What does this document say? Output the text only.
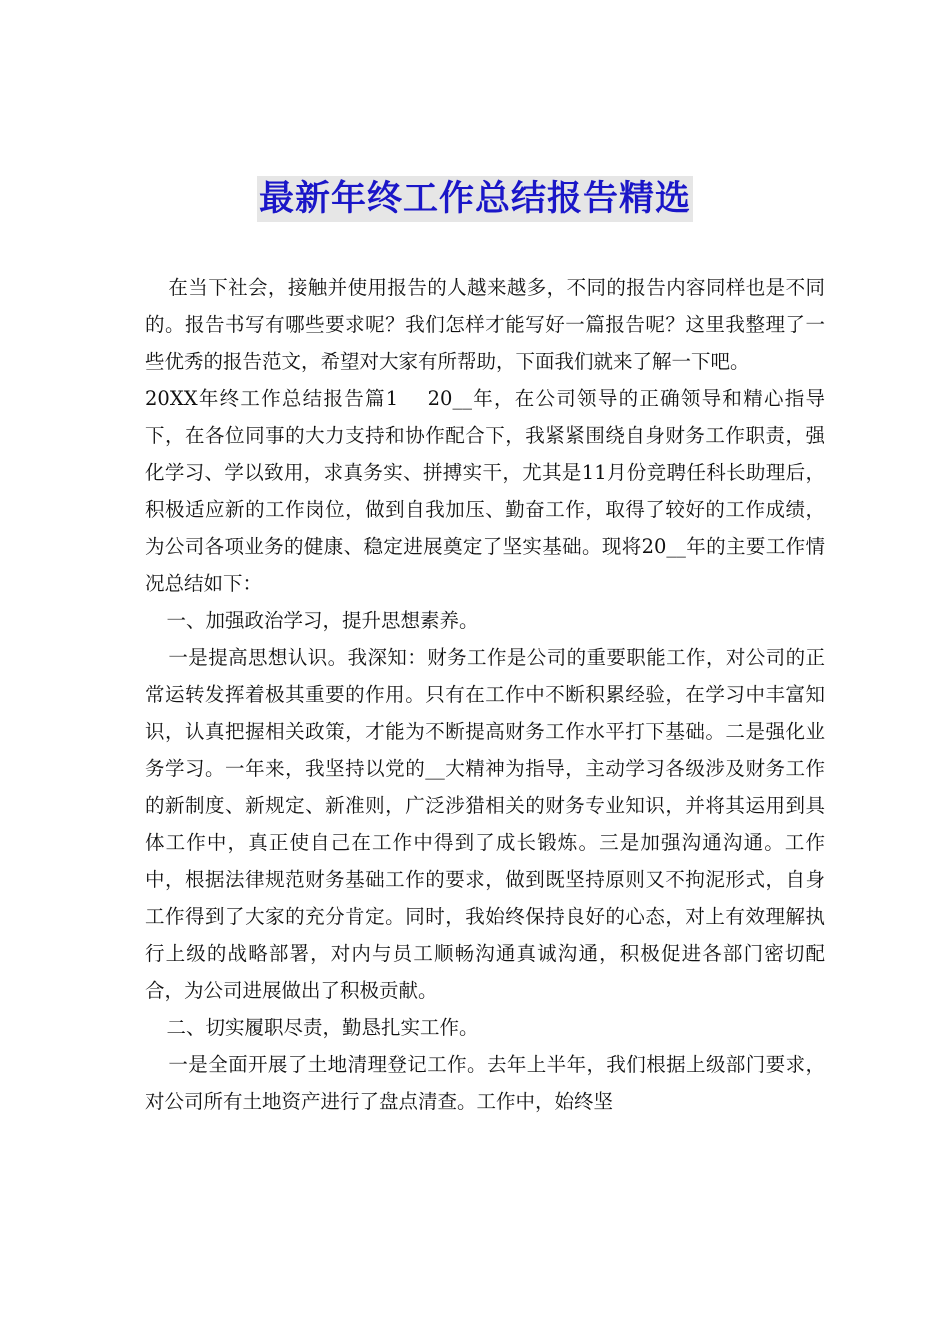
最新年终工作总结报告精选

在当下社会，接触并使用报告的人越来越多，不同的报告内容同样也是不同的。报告书写有哪些要求呢？我们怎样才能写好一篇报告呢？这里我整理了一些优秀的报告范文，希望对大家有所帮助，下面我们就来了解一下吧。

20XX年终工作总结报告篇1　 20__年，在公司领导的正确领导和精心指导下，在各位同事的大力支持和协作配合下，我紧紧围绕自身财务工作职责，强化学习、学以致用，求真务实、拼搏实干，尤其是11月份竞聘任科长助理后，积极适应新的工作岗位，做到自我加压、勤奋工作，取得了较好的工作成绩，为公司各项业务的健康、稳定进展奠定了坚实基础。现将20__年的主要工作情况总结如下：

一、加强政治学习，提升思想素养。

一是提高思想认识。我深知：财务工作是公司的重要职能工作，对公司的正常运转发挥着极其重要的作用。只有在工作中不断积累经验，在学习中丰富知识，认真把握相关政策，才能为不断提高财务工作水平打下基础。二是强化业务学习。一年来，我坚持以党的__大精神为指导，主动学习各级涉及财务工作的新制度、新规定、新准则，广泛涉猎相关的财务专业知识，并将其运用到具体工作中，真正使自己在工作中得到了成长锻炼。三是加强沟通沟通。工作中，根据法律规范财务基础工作的要求，做到既坚持原则又不拘泥形式，自身工作得到了大家的充分肯定。同时，我始终保持良好的心态，对上有效理解执行上级的战略部署，对内与员工顺畅沟通真诚沟通，积极促进各部门密切配合，为公司进展做出了积极贡献。

二、切实履职尽责，勤恳扎实工作。

一是全面开展了土地清理登记工作。去年上半年，我们根据上级部门要求，对公司所有土地资产进行了盘点清查。工作中，始终坚
